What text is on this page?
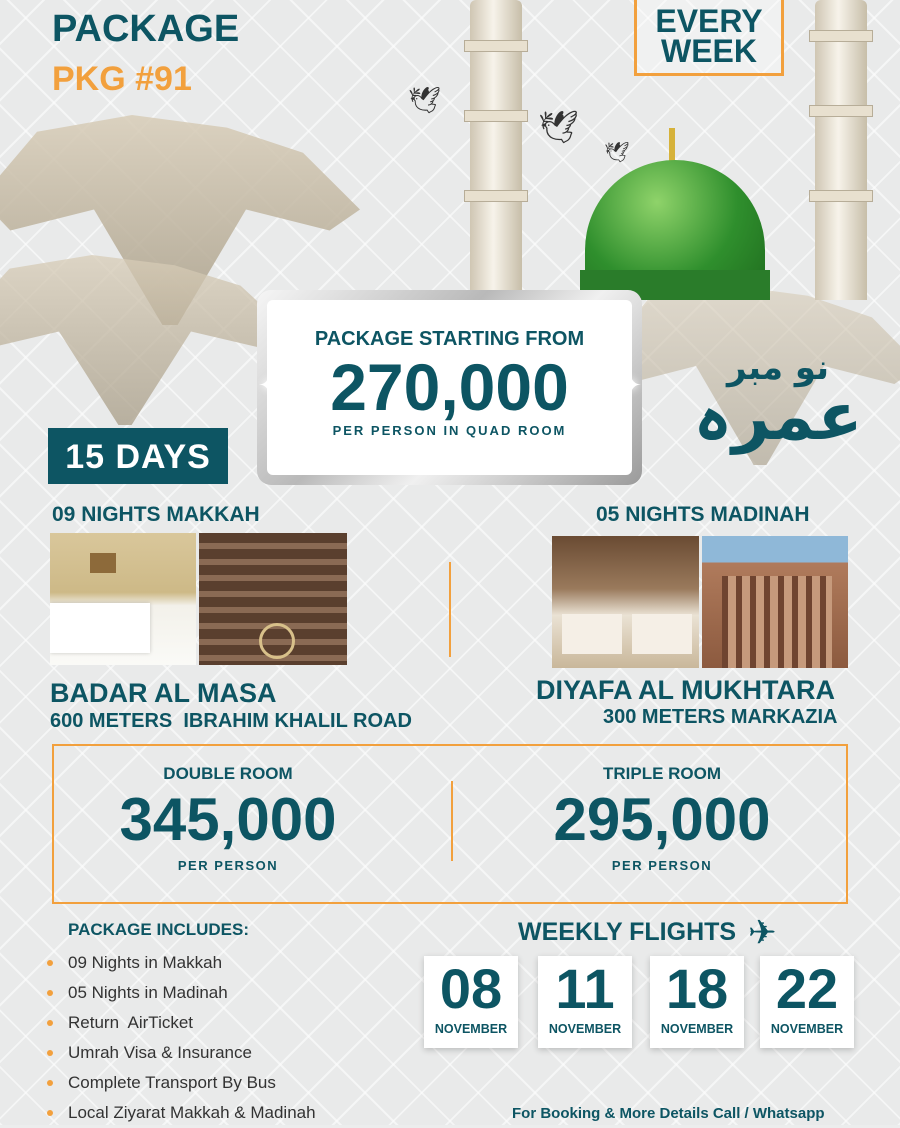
🕊
🕊
🕊
PACKAGE
PKG #91
EVERY
WEEK
PACKAGE STARTING FROM
270,000
PER PERSON IN QUAD ROOM
✦	✦	نو مبر
عمرہ
15 DAYS
09 NIGHTS MAKKAH
BADAR AL MASA
600 METERS  IBRAHIM KHALIL ROAD
05 NIGHTS MADINAH
DIYAFA AL MUKHTARA
300 METERS MARKAZIA
DOUBLE ROOM
345,000
PER PERSON
TRIPLE ROOM
295,000
PER PERSON
PACKAGE INCLUDES:
09 Nights in Makkah
05 Nights in Madinah
Return  AirTicket
Umrah Visa & Insurance
Complete Transport By Bus
Local Ziyarat Makkah & Madinah
WEEKLY FLIGHTS ✈
08
NOVEMBER
11
NOVEMBER
18
NOVEMBER
22
NOVEMBER
For Booking & More Details Call / Whatsapp
